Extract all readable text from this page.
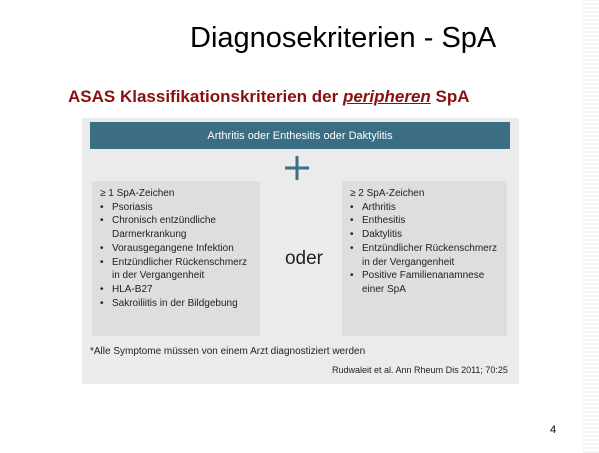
Diagnosekriterien - SpA
ASAS Klassifikationskriterien der peripheren SpA
Arthritis oder Enthesitis oder Daktylitis
≥ 1 SpA-Zeichen
• Psoriasis
• Chronisch entzündliche
Darmerkrankung
• Vorausgegangene Infektion
• Entzündlicher Rückenschmerz
in der Vergangenheit
• HLA-B27
• Sakroiliitis in der Bildgebung
oder
≥ 2 SpA-Zeichen
• Arthritis
• Enthesitis
• Daktylitis
• Entzündlicher Rückenschmerz
in der Vergangenheit
• Positive Familienanamnese
einer SpA
*Alle Symptome müssen von einem Arzt diagnostiziert werden
Rudwaleit et al. Ann Rheum Dis 2011; 70:25
4
